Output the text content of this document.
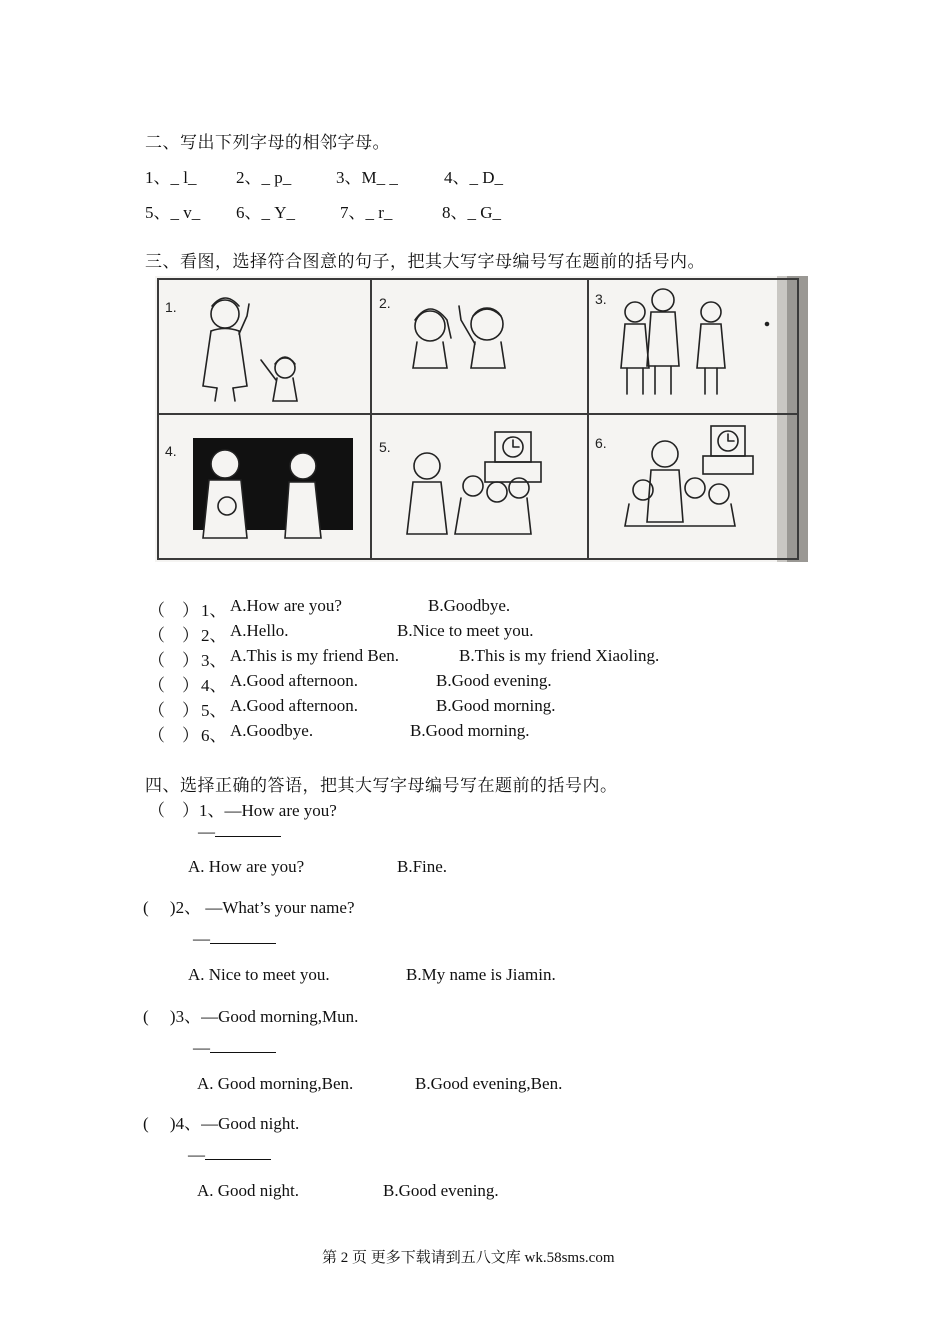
二、写出下列字母的相邻字母。
1、_ l_ 2、_ p_	3、M_ _	4、_ D_
5、_ v_ 6、_ Y_	7、_ r_	8、_ G_
三、看图，选择符合图意的句子，把其大写字母编号写在题前的括号内。
1.	2.	3.
4.	5.	6.
（　） 1、 A.How are you?	B.Goodbye.
（　） 2、 A.Hello.	B.Nice to meet you.
（　） 3、 A.This is my friend Ben.	B.This is my friend Xiaoling.
（　） 4、 A.Good afternoon.	B.Good evening.
（　） 5、 A.Good afternoon.	B.Good morning.
（　） 6、 A.Goodbye.	B.Good morning.
四、选择正确的答语，把其大写字母编号写在题前的括号内。
（　）1、—How are you?
—
A. How are you?	B.Fine.
(　 )2、 —What’s your name?
—
A. Nice to meet you.	B.My name is Jiamin.
(　 )3、—Good morning,Mun.
—
A. Good morning,Ben.	B.Good evening,Ben.
(　 )4、—Good night.
—
A. Good night.	B.Good evening.
第 2 页 更多下载请到五八文库 wk.58sms.com
